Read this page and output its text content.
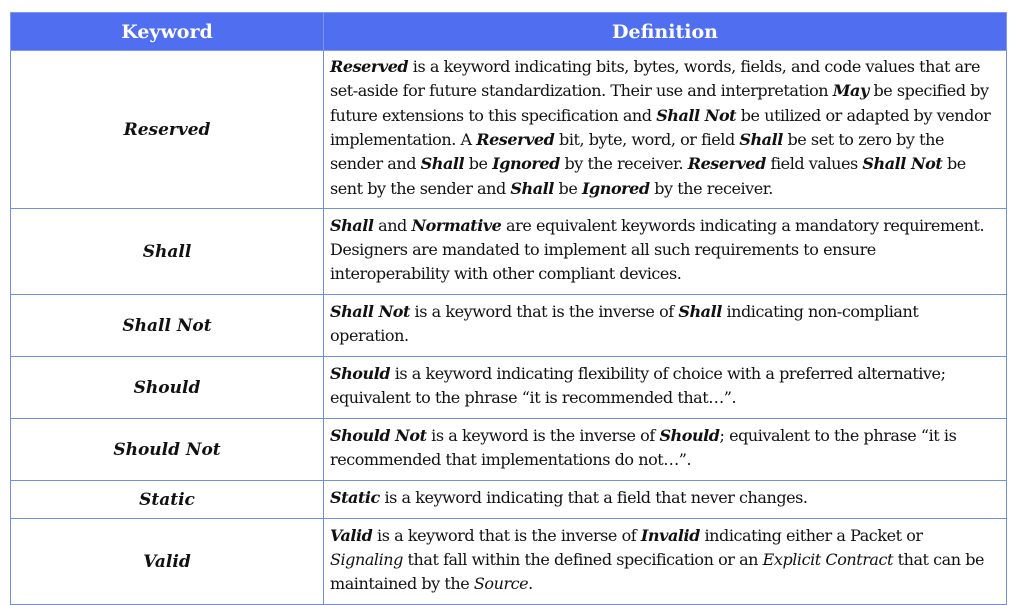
Keyword	Definition
Reserved	Reserved is a keyword indicating bits, bytes, words, fields, and code values that are set-aside for future standardization. Their use and interpretation May be specified by future extensions to this specification and Shall Not be utilized or adapted by vendor implementation. A Reserved bit, byte, word, or field Shall be set to zero by the sender and Shall be Ignored by the receiver. Reserved field values Shall Not be sent by the sender and Shall be Ignored by the receiver.
Shall	Shall and Normative are equivalent keywords indicating a mandatory requirement. Designers are mandated to implement all such requirements to ensure interoperability with other compliant devices.
Shall Not	Shall Not is a keyword that is the inverse of Shall indicating non-compliant operation.
Should	Should is a keyword indicating flexibility of choice with a preferred alternative; equivalent to the phrase “it is recommended that…”.
Should Not	Should Not is a keyword is the inverse of Should; equivalent to the phrase “it is recommended that implementations do not…”.
Static	Static is a keyword indicating that a field that never changes.
Valid	Valid is a keyword that is the inverse of Invalid indicating either a Packet or Signaling that fall within the defined specification or an Explicit Contract that can be maintained by the Source.
